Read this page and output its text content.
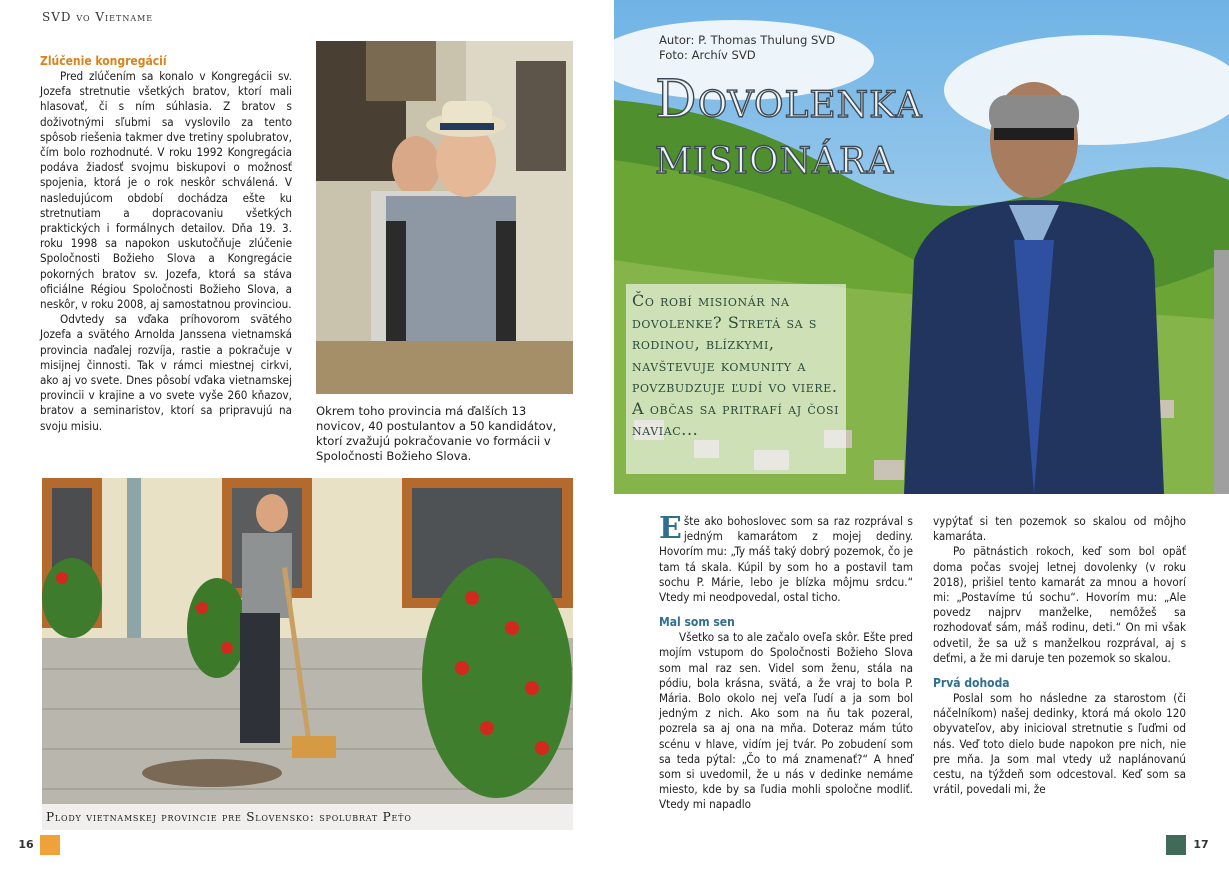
SVD vo Vietname

Zlúčenie kongregácií

Pred zlúčením sa konalo v Kongregácii sv. Jozefa stretnutie všetkých bratov, ktorí mali hlasovať, či s ním súhlasia. Z bratov s doživotnými sľubmi sa vyslovilo za tento spôsob riešenia takmer dve tretiny spolubratov, čím bolo rozhodnuté. V roku 1992 Kongregácia podáva žiadosť svojmu biskupovi o možnosť spojenia, ktorá je o rok neskôr schválená. V nasledujúcom období dochádza ešte ku stretnutiam a dopracovaniu všetkých praktických i formálnych detailov. Dňa 19. 3. roku 1998 sa napokon uskutočňuje zlúčenie Spoločnosti Božieho Slova a Kongregácie pokorných bratov sv. Jozefa, ktorá sa stáva oficiálne Régiou Spoločnosti Božieho Slova, a neskôr, v roku 2008, aj samostatnou provinciou.

Odvtedy sa vďaka príhovorom svätého Jozefa a svätého Arnolda Janssena vietnamská provincia naďalej rozvíja, rastie a pokračuje v misijnej činnosti. Tak v rámci miestnej cirkvi, ako aj vo svete. Dnes pôsobí vďaka vietnamskej provincii v krajine a vo svete vyše 260 kňazov, bratov a seminaristov, ktorí sa pripravujú na svoju misiu.

Okrem toho provincia má ďalších 13 novicov, 40 postulantov a 50 kandidátov, ktorí zvažujú pokračovanie vo formácii v Spoločnosti Božieho Slova.
Plody vietnamskej provincie pre Slovensko: spolubrat Peťo
16
Autor: P. Thomas Thulung SVD
Foto: Archív SVD
Dovolenka
misionára
Čo robí misionár na dovolenke? Stretá sa s rodinou, blízkymi, navštevuje komunity a povzbudzuje ľudí vo viere. A občas sa pritrafí aj čosi naviac...

Ešte ako bohoslovec som sa raz rozprával s jedným kamarátom z mojej dediny. Hovorím mu: „Ty máš taký dobrý pozemok, čo je tam tá skala. Kúpil by som ho a postavil tam sochu P. Márie, lebo je blízka môjmu srdcu.“ Vtedy mi neodpovedal, ostal ticho.

Mal som sen

Všetko sa to ale začalo oveľa skôr. Ešte pred mojím vstupom do Spoločnosti Božieho Slova som mal raz sen. Videl som ženu, stála na pódiu, bola krásna, svätá, a že vraj to bola P. Mária. Bolo okolo nej veľa ľudí a ja som bol jedným z nich. Ako som na ňu tak pozeral, pozrela sa aj ona na mňa. Doteraz mám túto scénu v hlave, vidím jej tvár. Po zobudení som sa teda pýtal: „Čo to má znamenať?“ A hneď som si uvedomil, že u nás v dedinke nemáme miesto, kde by sa ľudia mohli spoločne modliť. Vtedy mi napadlo

vypýtať si ten pozemok so skalou od môjho kamaráta.

Po pätnástich rokoch, keď som bol opäť doma počas svojej letnej dovolenky (v roku 2018), prišiel tento kamarát za mnou a hovorí mi: „Postavíme tú sochu“. Hovorím mu: „Ale povedz najprv manželke, nemôžeš sa rozhodovať sám, máš rodinu, deti.“ On mi však odvetil, že sa už s manželkou rozprával, aj s deťmi, a že mi daruje ten pozemok so skalou.

Prvá dohoda

Poslal som ho následne za starostom (či náčelníkom) našej dedinky, ktorá má okolo 120 obyvateľov, aby inicioval stretnutie s ľuďmi od nás. Veď toto dielo bude napokon pre nich, nie pre mňa. Ja som mal vtedy už naplánovanú cestu, na týždeň som odcestoval. Keď som sa vrátil, povedali mi, že

17
